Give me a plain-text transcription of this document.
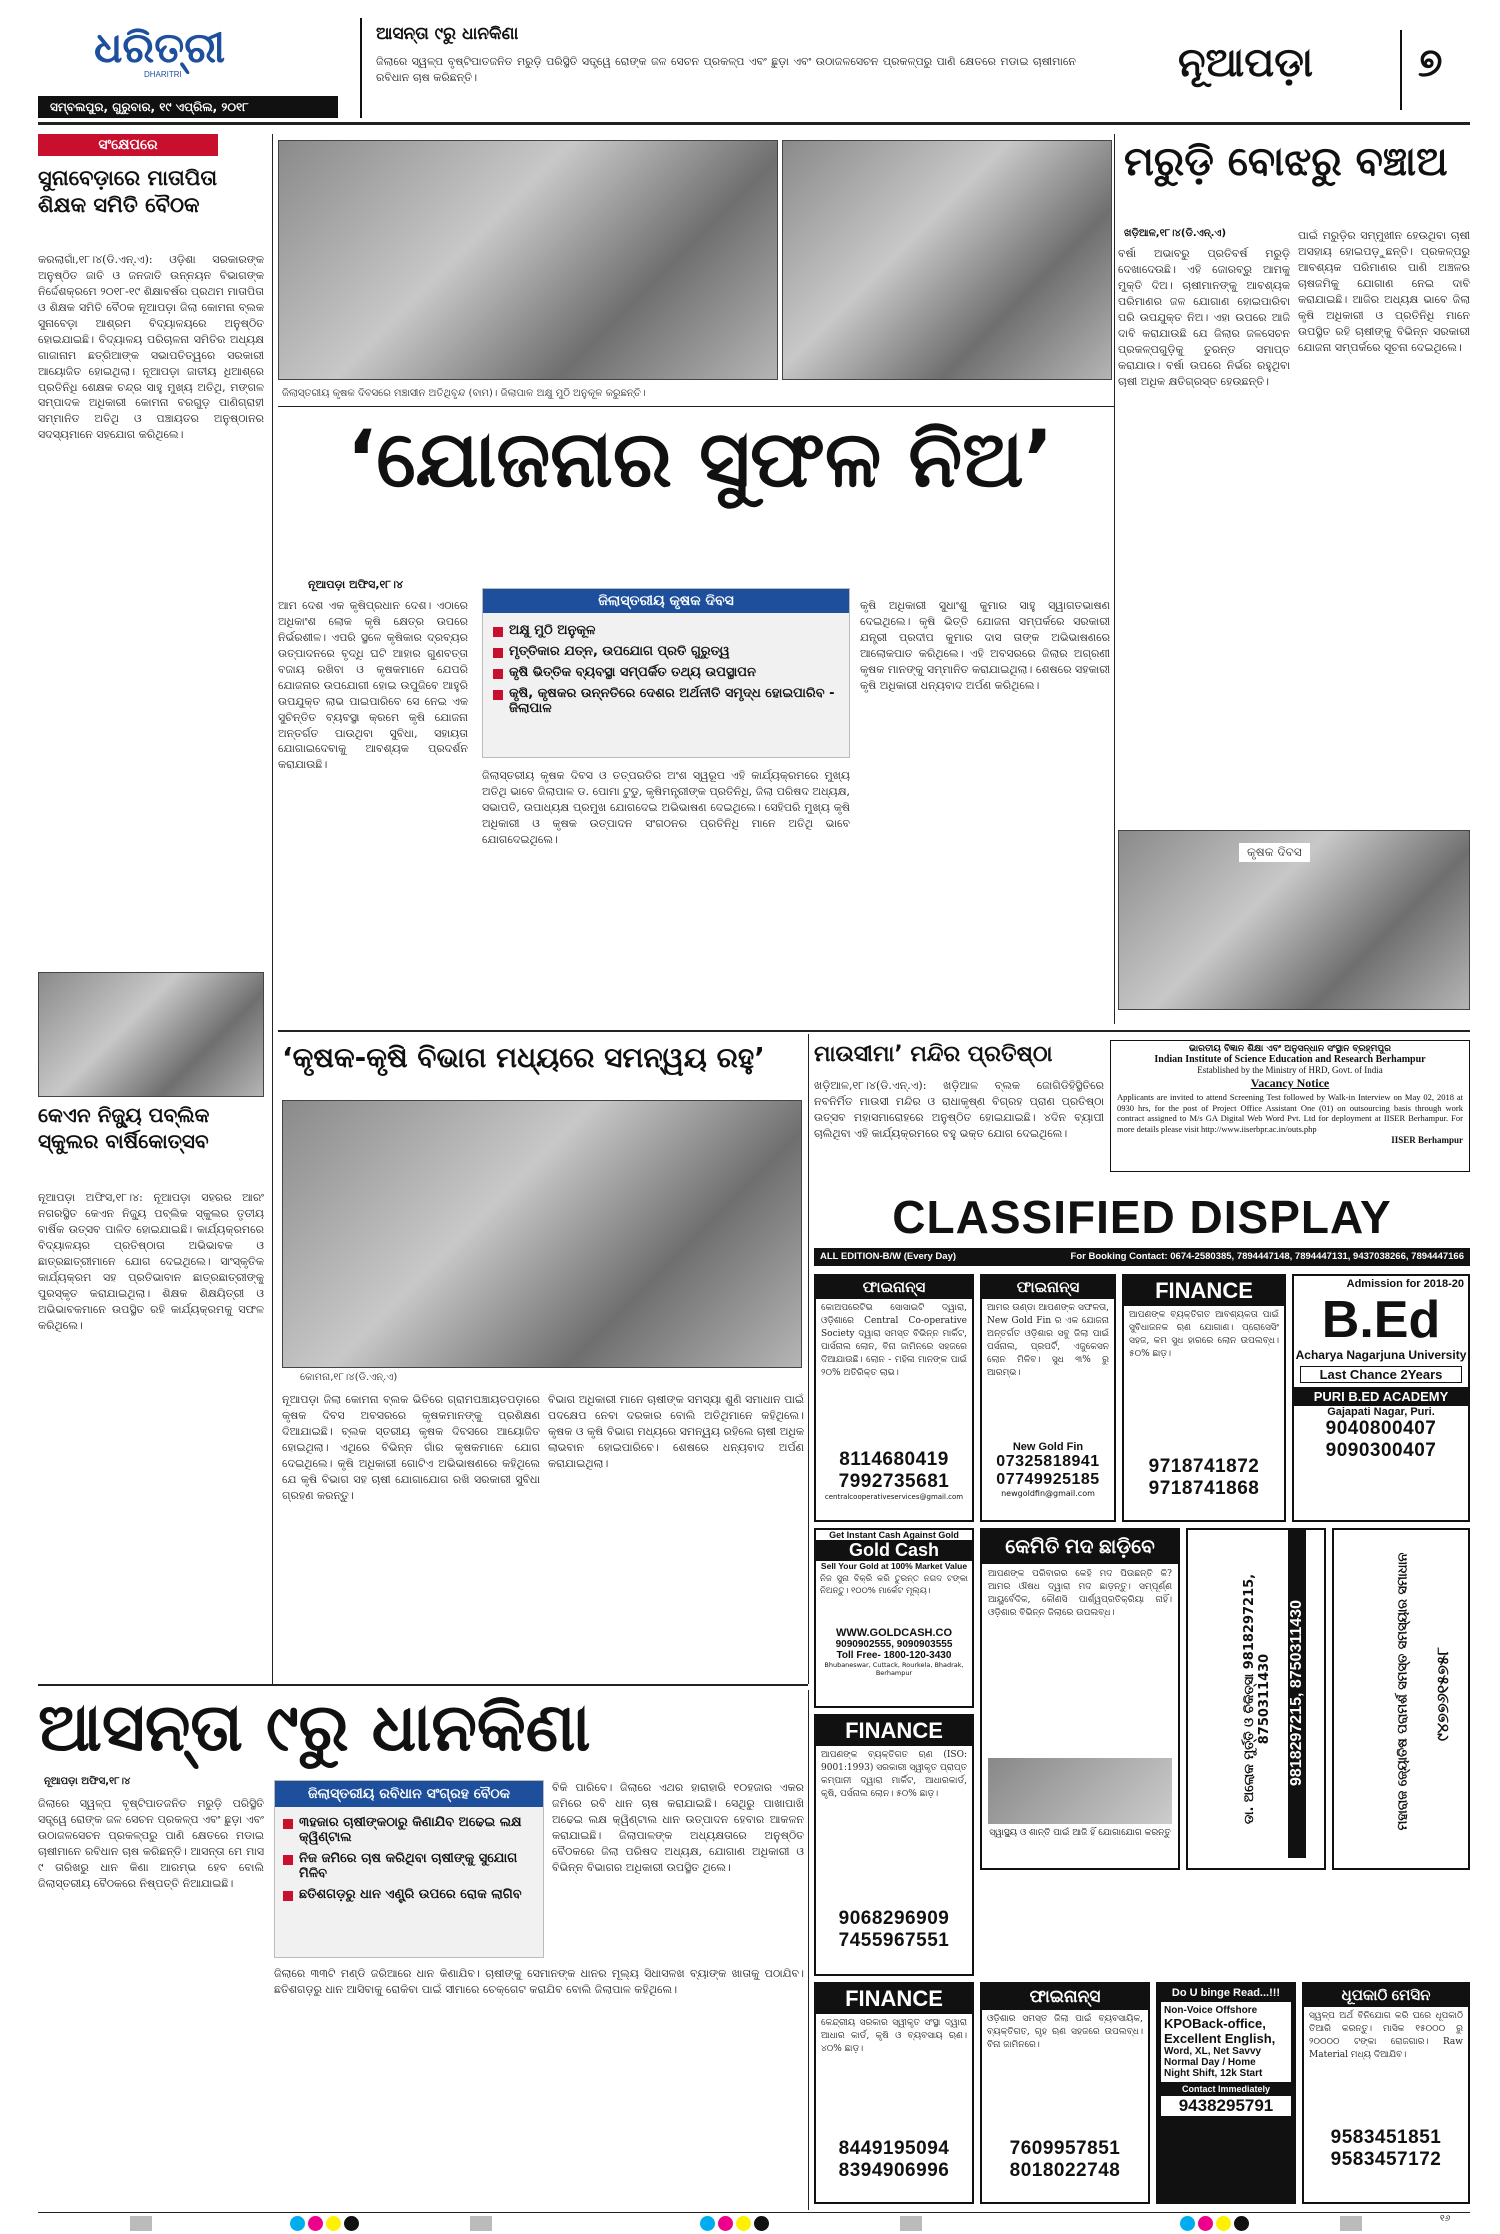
ଧରିତ୍ରୀ
DHARITRI
ସମ୍ବଲପୁର, ଗୁରୁବାର, ୧୯ ଏପ୍ରିଲ, ୨୦୧୮
ଆସନ୍ତା ୯ରୁ ଧାନକିଣା
ଜିଲାରେ ସ୍ୱଳ୍ପ ବୃଷ୍ଟିପାତଜନିତ ମରୁଡ଼ି ପରିସ୍ଥିତି ସତ୍ତ୍ୱେ ରୋଙ୍କ ଜଳ ସେଚନ ପ୍ରକଳ୍ପ ଏବଂ ଛୁଡ଼ା ଏବଂ ଉଠାଜଳସେଚନ ପ୍ରକଳ୍ପରୁ ପାଣି କ୍ଷେତରେ ମଡାଇ ଚାଷୀମାନେ ରବିଧାନ ଚାଷ କରିଛନ୍ତି।	ନୂଆପଡ଼ା	୭
ସଂକ୍ଷେପରେ
ସୁନାବେଡ଼ାରେ ମାତାପିତା ଶିକ୍ଷକ ସମିତି ବୈଠକ
କରଲାଗାଁ,୧୮।୪(ଡି.ଏନ୍.ଏ): ଓଡ଼ିଶା ସରକାରଙ୍କ ଅନୁଷ୍ଠିତ ଜାତି ଓ ଜନଜାତି ଉନ୍ନୟନ ବିଭାଗଙ୍କ ନିର୍ଦ୍ଦେଶକ୍ରମେ ୨୦୧୮-୧୯ ଶିକ୍ଷାବର୍ଷର ପ୍ରଥମ ମାତାପିତା ଓ ଶିକ୍ଷକ ସମିତି ବୈଠକ ନୂଆପଡ଼ା ଜିଲା କୋମନା ବ୍ଲକ ସୁନାବେଡ଼ା ଆଶ୍ରମ ବିଦ୍ୟାଳୟରେ ଅନୁଷ୍ଠିତ ହୋଇଯାଇଛି। ବିଦ୍ୟାଳୟ ପରିଚାଳନା ସମିତିର ଅଧ୍ୟକ୍ଷ ଗାଜାନାମ ଛତ୍ରିଆଙ୍କ ସଭାପତିତ୍ୱରେ ସରକାରୀ ଆୟୋଜିତ ହୋଇଥିଲା। ନୂଆପଡ଼ା ଜାତୀୟ ଧିଆଶ୍ରେ ପ୍ରତିନିଧି ଶେକ୍ଷକ ଚନ୍ଦ୍ର ସାହୁ ମୁଖ୍ୟ ଅତିଥି, ମଙ୍ଗଳ ସମ୍ପାଦକ ଅଧିକାରୀ କୋମନା ବରଗୁଡ଼ ପାଣିଗ୍ରାହୀ ସମ୍ମାନିତ ଅତିଥି ଓ ପଞ୍ଚାୟତର ଅନୁଷ୍ଠାନର ସଦସ୍ୟମାନେ ସହଯୋଗ କରିଥିଲେ।
କେଏନ ନିଜ୍ୟୁ ପବ୍ଲିକ ସ୍କୁଲର ବାର୍ଷିକୋତ୍ସବ
ନୂଆପଡ଼ା ଅଫିସ,୧୮।୪: ନୂଆପଡ଼ା ସହରର ଆରଂ ନଗରସ୍ଥିତ କେଏନ ନିଜ୍ୟୁ ପବ୍ଲିକ ସ୍କୁଲର ତୃତୀୟ ବାର୍ଷିକ ଉତ୍ସବ ପାଳିତ ହୋଇଯାଇଛି। କାର୍ଯ୍ୟକ୍ରମରେ ବିଦ୍ୟାଳୟର ପ୍ରତିଷ୍ଠାତା ଅଭିଭାବକ ଓ ଛାତ୍ରଛାତ୍ରୀମାନେ ଯୋଗ ଦେଇଥିଲେ। ସାଂସ୍କୃତିକ କାର୍ଯ୍ୟକ୍ରମ ସହ ପ୍ରତିଭାବାନ ଛାତ୍ରଛାତ୍ରୀଙ୍କୁ ପୁରସ୍କୃତ କରାଯାଇଥିଲା। ଶିକ୍ଷକ ଶିକ୍ଷୟିତ୍ରୀ ଓ ଅଭିଭାବକମାନେ ଉପସ୍ଥିତ ରହି କାର୍ଯ୍ୟକ୍ରମକୁ ସଫଳ କରିଥିଲେ।
ଜିଲାସ୍ତରୀୟ କୃଷକ ଦିବସରେ ମଞ୍ଚାସୀନ ଅତିଥିବୃନ୍ଦ (ବାମ)। ଜିଲାପାଳ ଅକ୍ଷୁ ମୁଠି ଅନୁକୂଳ କରୁଛନ୍ତି।
‘ଯୋଜନାର ସୁଫଳ ନିଅ’
ନୂଆପଡ଼ା ଅଫିସ,୧୮।୪
ଆମ ଦେଶ ଏକ କୃଷିପ୍ରଧାନ ଦେଶ। ଏଠାରେ ଅଧିକାଂଶ ଲୋକ କୃଷି କ୍ଷେତ୍ର ଉପରେ ନିର୍ଭରଶୀଳ। ଏପରି ସ୍ଥଳେ କୃଷିକାର ଦ୍ରବ୍ୟର ଉତ୍ପାଦନରେ ବୃଦ୍ଧି ଘଟି ଆହାର ଗୁଣବତ୍ତା ବଜାୟ ରଖିବା ଓ କୃଷକମାନେ ଯେପରି ଯୋଜନାର ଉପଯୋଗୀ ହୋଇ ଉପୁଜିବେ ଆହୁରି ଉପଯୁକ୍ତ ଲାଭ ପାଇପାରିବେ ସେ ନେଇ ଏକ ସୁଚିନ୍ତିତ ବ୍ୟବସ୍ଥା କ୍ରମେ କୃଷି ଯୋଜନା ଅନ୍ତର୍ଗତ ପାଉଥିବା ସୁବିଧା, ସହାୟତା ଯୋଗାଇଦେବାକୁ ଆବଶ୍ୟକ ପ୍ରଦର୍ଶନ କରାଯାଉଛି।
ଜିଲାସ୍ତରୀୟ କୃଷକ ଦିବସ
ଅକ୍ଷୁ ମୁଠି ଅନୁକୂଳ
ମୃତ୍ତିକାର ଯତ୍ନ, ଉପଯୋଗ ପ୍ରତି ଗୁରୁତ୍ୱ
କୃଷି ଭିତ୍ତିକ ବ୍ୟବସ୍ଥା ସମ୍ପର୍କିତ ତଥ୍ୟ ଉପସ୍ଥାପନ
କୃଷି, କୃଷକର ଉନ୍ନତିରେ ଦେଶର ଅର୍ଥନୀତି ସମୃଦ୍ଧ ହୋଇପାରିବ - ଜିଲାପାଳ
ଜିଲାସ୍ତରୀୟ କୃଷକ ଦିବସ ଓ ତତ୍ପରତିର ଅଂଶ ସ୍ୱରୂପ ଏହି କାର୍ଯ୍ୟକ୍ରମରେ ମୁଖ୍ୟ ଅତିଥି ଭାବେ ଜିଲାପାଳ ଡ. ପୋମା ଟୁଡୁ, କୃଷିମନ୍ତ୍ରୀଙ୍କ ପ୍ରତିନିଧି, ଜିଲା ପରିଷଦ ଅଧ୍ୟକ୍ଷ, ସଭାପତି, ଉପାଧ୍ୟକ୍ଷ ପ୍ରମୁଖ ଯୋଗଦେଇ ଅଭିଭାଷଣ ଦେଇଥିଲେ। ସେହିପରି ମୁଖ୍ୟ କୃଷି ଅଧିକାରୀ ଓ କୃଷକ ଉତ୍ପାଦନ ସଂଗଠନର ପ୍ରତିନିଧି ମାନେ ଅତିଥି ଭାବେ ଯୋଗଦେଇଥିଲେ।
କୃଷି ଅଧିକାରୀ ସୁଧାଂଶୁ କୁମାର ସାହୁ ସ୍ୱାଗତଭାଷଣ ଦେଇଥିଲେ। କୃଷି ଭିତ୍ତି ଯୋଜନା ସମ୍ପର୍କରେ ସରକାରୀ ଯନ୍ତ୍ରୀ ପ୍ରଦୀପ କୁମାର ଦାସ ତାଙ୍କ ଅଭିଭାଷଣରେ ଆଲୋକପାତ କରିଥିଲେ। ଏହି ଅବସରରେ ଜିଲାର ଅଗ୍ରଣୀ କୃଷକ ମାନଙ୍କୁ ସମ୍ମାନିତ କରାଯାଇଥିଲା। ଶେଷରେ ସହକାରୀ କୃଷି ଅଧିକାରୀ ଧନ୍ୟବାଦ ଅର୍ପଣ କରିଥିଲେ।
ମରୁଡ଼ି ବୋଝରୁ ବଞ୍ଚାଅ
ଖଡ଼ିଆଳ,୧୮।୪(ଡି.ଏନ୍.ଏ)
ବର୍ଷା ଅଭାବରୁ ପ୍ରତିବର୍ଷ ମରୁଡ଼ି ଦେଖାଦେଉଛି। ଏହି ଜୋରବ୍ରୁ ଆମକୁ ମୁକ୍ତି ଦିଅ। ଚାଷୀମାନଙ୍କୁ ଆବଶ୍ୟକ ପରିମାଣର ଜଳ ଯୋଗାଣ ହୋଇପାରିବା ପରି ଉପଯୁକ୍ତ ନିଅ। ଏହା ଉପରେ ଆଜି ଦାବି କରାଯାଉଛି ଯେ ଜିଲାର ଜଳସେଚନ ପ୍ରକଳ୍ପଗୁଡ଼ିକୁ ତୁରନ୍ତ ସମାପ୍ତ କରାଯାଉ। ବର୍ଷା ଉପରେ ନିର୍ଭର ରହୁଥିବା ଚାଷୀ ଅଧିକ କ୍ଷତିଗ୍ରସ୍ତ ହେଉଛନ୍ତି।
ପାଇଁ ମରୁଡ଼ିର ସମ୍ମୁଖୀନ ହେଉଥିବା ଚାଷୀ ଅସହାୟ ହୋଇପଡ଼ୁଛନ୍ତି। ପ୍ରକଳ୍ପରୁ ଆବଶ୍ୟକ ପରିମାଣର ପାଣି ଅଞ୍ଚଳର ଚାଷଜମିକୁ ଯୋଗାଣ ନେଇ ଦାବି କରାଯାଇଛି। ଆଜିର ଅଧ୍ୟକ୍ଷ ଭାବେ ଜିଲା କୃଷି ଅଧିକାରୀ ଓ ପ୍ରତିନିଧି ମାନେ ଉପସ୍ଥିତ ରହି ଚାଷୀଙ୍କୁ ବିଭିନ୍ନ ସରକାରୀ ଯୋଜନା ସମ୍ପର୍କରେ ସୂଚନା ଦେଇଥିଲେ।
କୃଷକ ଦିବସ
‘କୃଷକ-କୃଷି ବିଭାଗ ମଧ୍ୟରେ ସମନ୍ୱୟ ରହୁ’
କୋମନା,୧୮।୪(ଡି.ଏନ୍.ଏ)
ନୂଆପଡ଼ା ଜିଲା କୋମନା ବ୍ଲକ ଭିତିରେ ଗ୍ରାମପଞ୍ଚାୟତପଡ଼ାରେ କୃଷକ ଦିବସ ଅବସରରେ କୃଷକମାନଙ୍କୁ ପ୍ରଶିକ୍ଷଣ ଦିଆଯାଇଛି। ବ୍ଲକ ସ୍ତରୀୟ କୃଷକ ଦିବସରେ ଆୟୋଜିତ ହୋଇଥିଲା। ଏଥିରେ ବିଭିନ୍ନ ଗାଁର କୃଷକମାନେ ଯୋଗ ଦେଇଥିଲେ। କୃଷି ଅଧିକାରୀ ଗୋଟିଏ ଅଭିଭାଷଣରେ କହିଥିଲେ ଯେ କୃଷି ବିଭାଗ ସହ ଚାଷୀ ଯୋଗାଯୋଗ ରଖି ସରକାରୀ ସୁବିଧା ଗ୍ରହଣ କରନ୍ତୁ।
ବିଭାଗ ଅଧିକାରୀ ମାନେ ଚାଷୀଙ୍କ ସମସ୍ୟା ଶୁଣି ସମାଧାନ ପାଇଁ ପଦକ୍ଷେପ ନେବା ଦରକାର ବୋଲି ଅତିଥିମାନେ କହିଥିଲେ। କୃଷକ ଓ କୃଷି ବିଭାଗ ମଧ୍ୟରେ ସମନ୍ୱୟ ରହିଲେ ଚାଷୀ ଅଧିକ ଲାଭବାନ ହୋଇପାରିବେ। ଶେଷରେ ଧନ୍ୟବାଦ ଅର୍ପଣ କରାଯାଇଥିଲା।
ମାଉସୀମା’ ମନ୍ଦିର ପ୍ରତିଷ୍ଠା
ଖଡ଼ିଆଳ,୧୮।୪(ଡି.ଏନ୍.ଏ): ଖଡ଼ିଆଳ ବ୍ଲକ ଜୋଗିଡିହିସ୍ଥିତିରେ ନବନିର୍ମିତ ମାଉସୀ ମନ୍ଦିର ଓ ରାଧାକୃଷ୍ଣ ବିଗ୍ରହ ପ୍ରାଣ ପ୍ରତିଷ୍ଠା ଉତ୍ସବ ମହାସମାରୋହରେ ଅନୁଷ୍ଠିତ ହୋଇଯାଇଛି। ୪ଦିନ ବ୍ୟାପୀ ଚାଲିଥିବା ଏହି କାର୍ଯ୍ୟକ୍ରମରେ ବହୁ ଭକ୍ତ ଯୋଗ ଦେଇଥିଲେ।
ଭାରତୀୟ ବିଜ୍ଞାନ ଶିକ୍ଷା ଏବଂ ଅନୁସନ୍ଧାନ ସଂସ୍ଥାନ ବ୍ରହ୍ମପୁର
Indian Institute of Science Education and Research Berhampur
Established by the Ministry of HRD, Govt. of India
Vacancy Notice
Applicants are invited to attend Screening Test followed by Walk-in Interview on May 02, 2018 at 0930 hrs, for the post of Project Office Assistant One (01) on outsourcing basis through work contract assigned to M/s GA Digital Web Word Pvt. Ltd for deployment at IISER Berhampur. For more details please visit http://www.iiserbpr.ac.in/outs.php
IISER Berhampur
CLASSIFIED DISPLAY
ALL EDITION-B/W (Every Day)	For Booking Contact: 0674-2580385, 7894447148, 7894447131, 9437038266, 7894447166
ଫାଇନାନ୍ସ
କୋଅପରେଟିଭ ସୋସାଇଟି ଦ୍ୱାରା, ଓଡ଼ିଶାରେ Central Co-operative Society ଦ୍ୱାରା ସମସ୍ତ ବିଭିନ୍ନ ମାର୍କିଟ, ପାର୍ସନାଲ ଲୋନ, ବିନା ଜାମିନରେ ସହଜରେ ଦିଆଯାଉଛି। ଲୋନ - ମହିଳା ମାନଙ୍କ ପାଇଁ ୨୦% ଅତିରିକ୍ତ ଲାଭ।
8114680419
7992735681
centralcooperativeservices@gmail.com
ଫାଇନାନ୍ସ
ଆମର ଉଣ୍ଡା ଆପଣଙ୍କ ସଫଳତା, New Gold Fin ର ଏକ ଯୋଜନା ଅନ୍ତର୍ଗତ ଓଡ଼ିଶାର ସବୁ ଜିଲା ପାଇଁ ପର୍ସନାଲ, ପ୍ରପର୍ଟି, ଏଜୁକେସନ ଲୋନ ମିଳିବ। ସୁଧ ୩% ରୁ ଆରମ୍ଭ।
New Gold Fin
07325818941
07749925185
newgoldfin@gmail.com
FINANCE
ଆପଣଙ୍କ ବ୍ୟକ୍ତିଗତ ଆବଶ୍ୟକତା ପାଇଁ ସୁବିଧାଜନକ ଋଣ ଯୋଗାଣ। ପ୍ରୋସେସିଂ ସହଜ, କମ ସୁଧ ହାରରେ ଲୋନ ଉପଲବ୍ଧ। ୫୦% ଛାଡ଼।
9718741872
9718741868
Admission for 2018-20
B.Ed
Acharya Nagarjuna University
Last Chance 2Years
PURI B.ED ACADEMY
Gajapati Nagar, Puri.
9040800407
9090300407
Get Instant Cash Against Gold
Gold Cash
Sell Your Gold at 100% Market Value
ନିଜ ସୁନା ବିକ୍ରି କରି ତୁରନ୍ତ ନଗଦ ଟଙ୍କା ନିଅନ୍ତୁ। ୧୦୦% ମାର୍କେଟ ମୂଲ୍ୟ।
WWW.GOLDCASH.CO
9090902555, 9090903555
Toll Free- 1800-120-3430
Bhubaneswar, Cuttack, Rourkela, Bhadrak, Berhampur
କେମିତି ମଦ ଛାଡ଼ିବେ
ଆପଣଙ୍କ ପରିବାରର କେହି ମଦ ପିଉଛନ୍ତି କି? ଆମର ଔଷଧ ଦ୍ୱାରା ମଦ ଛାଡ଼ନ୍ତୁ। ସମ୍ପୂର୍ଣ୍ଣ ଆୟୁର୍ବେଦିକ, କୌଣସି ପାର୍ଶ୍ୱପ୍ରତିକ୍ରିୟା ନାହିଁ। ଓଡ଼ିଶାର ବିଭିନ୍ନ ଜିଲାରେ ଉପଲବ୍ଧ।
ସ୍ୱାସ୍ଥ୍ୟ ଓ ଶାନ୍ତି ପାଇଁ ଆଜି ହିଁ ଯୋଗାଯୋଗ କରନ୍ତୁ
ଡା. ଅଲୋକ ମୁର୍ତ୍ତି ଓ ଚିକିତ୍ସା 9818297215, 8750311430 9818297215, 8750311430	ମହାରାଜ ଜ୍ୟୋତିଷ ପରାମର୍ଶ ସମସ୍ତ ସମସ୍ୟାର ସମାଧାନ ୯୪୭୭୬୧୫୭୫୮
FINANCE
ଆପଣଙ୍କ ବ୍ୟକ୍ତିଗତ ଋଣ (ISO: 9001:1993) ସରକାରୀ ସ୍ୱୀକୃତ ପ୍ରାପ୍ତ କମ୍ପାନୀ ଦ୍ୱାରା ମାର୍କିଟ, ଆଧାରକାର୍ଡ, କୃଷି, ପର୍ସନାଲ ଲୋନ। ୫୦% ଛାଡ଼।
9068296909
7455967551
FINANCE
କେନ୍ଦ୍ରୀୟ ସରକାର ସ୍ୱୀକୃତ ସଂସ୍ଥା ଦ୍ୱାରା ଆଧାର କାର୍ଡ, କୃଷି ଓ ବ୍ୟବସାୟ ଋଣ। ୪୦% ଛାଡ଼।
8449195094
8394906996
ଫାଇନାନ୍ସ
ଓଡ଼ିଶାର ସମସ୍ତ ଜିଲା ପାଇଁ ବ୍ୟବସାୟିକ, ବ୍ୟକ୍ତିଗତ, ଗୃହ ଋଣ ସହଜରେ ଉପଲବ୍ଧ। ବିନା ଜାମିନରେ।
7609957851
8018022748
Do U binge Read...!!!
Non-Voice Offshore
KPOBack-office,
Excellent English,
Word, XL, Net Savvy
Normal Day / Home
Night Shift, 12k Start
Contact Immediately
9438295791
ଧୂପକାଠି ମେସିନ
ସ୍ୱଳ୍ପ ଅର୍ଥ ବିନିଯୋଗ କରି ଘରେ ଧୂପକାଠି ତିଆରି କରନ୍ତୁ। ମାସିକ ୧୫୦୦୦ ରୁ ୨୦୦୦୦ ଟଙ୍କା ରୋଜଗାର। Raw Material ମଧ୍ୟ ଦିଆଯିବ।
9583451851
9583457172
ଆସନ୍ତା ୯ରୁ ଧାନକିଣା
ନୂଆପଡ଼ା ଅଫିସ,୧୮।୪
ଜିଲାରେ ସ୍ୱଳ୍ପ ବୃଷ୍ଟିପାତଜନିତ ମରୁଡ଼ି ପରିସ୍ଥିତି ସତ୍ତ୍ୱେ ରୋଙ୍କ ଜଳ ସେଚନ ପ୍ରକଳ୍ପ ଏବଂ ଛୁଡ଼ା ଏବଂ ଉଠାଜଳସେଚନ ପ୍ରକଳ୍ପରୁ ପାଣି କ୍ଷେତରେ ମଡାଇ ଚାଷୀମାନେ ରବିଧାନ ଚାଷ କରିଛନ୍ତି। ଆସନ୍ତା ମେ ମାସ ୯ ତାରିଖରୁ ଧାନ କିଣା ଆରମ୍ଭ ହେବ ବୋଲି ଜିଲାସ୍ତରୀୟ ବୈଠକରେ ନିଷ୍ପତ୍ତି ନିଆଯାଇଛି।
ଜିଲାସ୍ତରୀୟ ରବିଧାନ ସଂଗ୍ରହ ବୈଠକ
୩ହଜାର ଚାଷୀଙ୍କଠାରୁ କିଣାଯିବ ଅଢେଇ ଲକ୍ଷ କ୍ୱିଣ୍ଟାଲ
ନିଜ ଜମିରେ ଚାଷ କରିଥିବା ଚାଷୀଙ୍କୁ ସୁଯୋଗ ମିଳିବ
ଛତିଶଗଡ଼ରୁ ଧାନ ଏଣ୍ଟ୍ରି ଉପରେ ରୋକ ଲାଗିବ
ବିକି ପାରିବେ। ଜିଲାରେ ଏଥର ହାରାହାରି ୧୦ହଜାର ଏକର ଜମିରେ ରବି ଧାନ ଚାଷ କରାଯାଇଛି। ସେଥିରୁ ପାଖାପାଖି ଅଢେଇ ଲକ୍ଷ କ୍ୱିଣ୍ଟାଲ ଧାନ ଉତ୍ପାଦନ ହେବାର ଆକଳନ କରାଯାଇଛି। ଜିଲାପାଳଙ୍କ ଅଧ୍ୟକ୍ଷତାରେ ଅନୁଷ୍ଠିତ ବୈଠକରେ ଜିଲା ପରିଷଦ ଅଧ୍ୟକ୍ଷ, ଯୋଗାଣ ଅଧିକାରୀ ଓ ବିଭିନ୍ନ ବିଭାଗର ଅଧିକାରୀ ଉପସ୍ଥିତ ଥିଲେ।
ଜିଲାରେ ୩୩ଟି ମଣ୍ଡି ଜରିଆରେ ଧାନ କିଣାଯିବ। ଚାଷୀଙ୍କୁ ସେମାନଙ୍କ ଧାନର ମୂଲ୍ୟ ସିଧାସଳଖ ବ୍ୟାଙ୍କ ଖାତାକୁ ପଠାଯିବ। ଛତିଶଗଡ଼ରୁ ଧାନ ଆସିବାକୁ ରୋକିବା ପାଇଁ ସୀମାରେ ଚେକ୍‌ଗେଟ କରାଯିବ ବୋଲି ଜିଲାପାଳ କହିଥିଲେ।
୧୬
